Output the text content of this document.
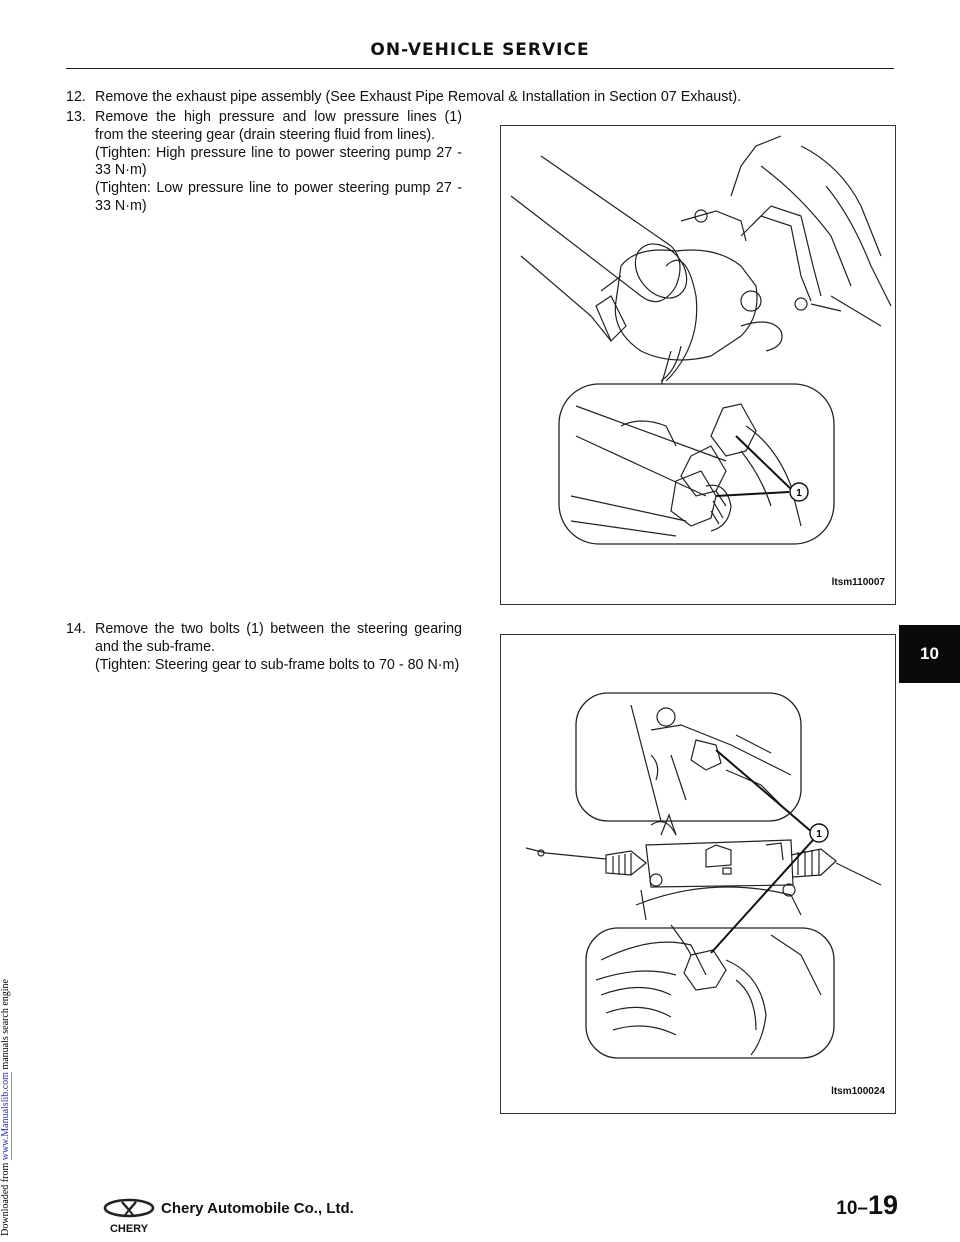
Downloaded from www.Manualslib.com manuals search engine
ON-VEHICLE SERVICE
12. Remove the exhaust pipe assembly (See Exhaust Pipe Removal & Installation in Section 07 Exhaust).
13. Remove the high pressure and low pressure lines (1) from the steering gear (drain steering fluid from lines).
(Tighten: High pressure line to power steering pump 27 - 33 N·m)
(Tighten: Low pressure line to power steering pump 27 - 33 N·m)
14. Remove the two bolts (1) between the steering gearing and the sub-frame.
(Tighten: Steering gear to sub-frame bolts to 70 - 80 N·m)
1
ltsm110007
1
ltsm100024
10
CHERY
Chery Automobile Co., Ltd.	10–19
